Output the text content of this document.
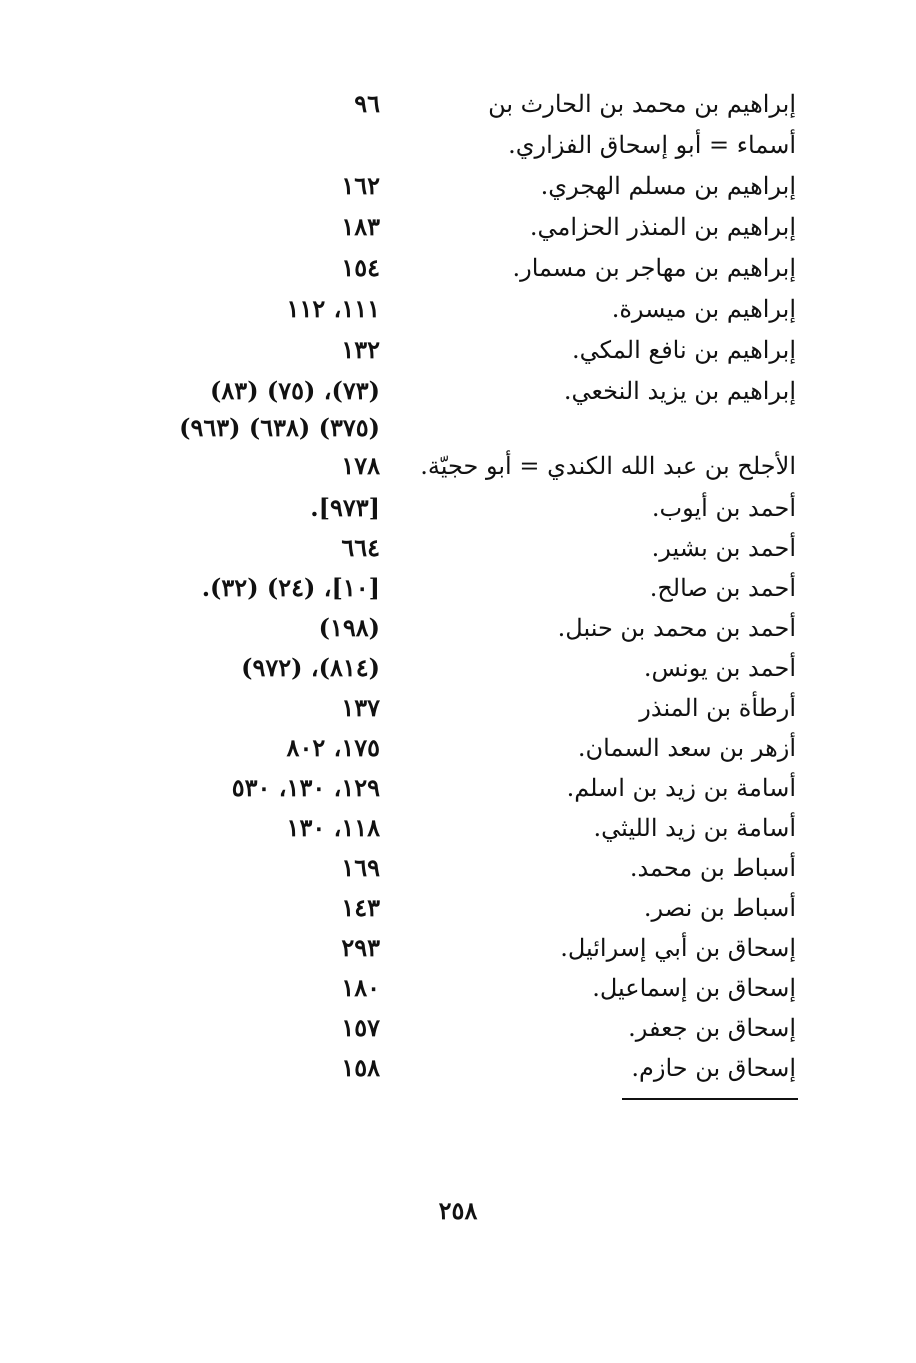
إبراهيم بن محمد بن الحارث بن
٩٦
أسماء = أبو إسحاق الفزاري.
إبراهيم بن مسلم الهجري.
١٦٢
إبراهيم بن المنذر الحزامي.
١٨٣
إبراهيم بن مهاجر بن مسمار.
١٥٤
إبراهيم بن ميسرة.
١١١، ١١٢
إبراهيم بن نافع المكي.
١٣٢
إبراهيم بن يزيد النخعي.
(٧٣)، (٧٥) (٨٣)
(٣٧٥) (٦٣٨) (٩٦٣)
الأجلح بن عبد الله الكندي = أبو حجيّة.
١٧٨
أحمد بن أيوب.
[٩٧٣].
أحمد بن بشير.
٦٦٤
أحمد بن صالح.
[١٠]، (٢٤) (٣٢).
أحمد بن محمد بن حنبل.
(١٩٨)
أحمد بن يونس.
(٨١٤)، (٩٧٢)
أرطأة بن المنذر
١٣٧
أزهر بن سعد السمان.
١٧٥، ٨٠٢
أسامة بن زيد بن اسلم.
١٢٩، ١٣٠، ٥٣٠
أسامة بن زيد الليثي.
١١٨، ١٣٠
أسباط بن محمد.
١٦٩
أسباط بن نصر.
١٤٣
إسحاق بن أبي إسرائيل.
٢٩٣
إسحاق بن إسماعيل.
١٨٠
إسحاق بن جعفر.
١٥٧
إسحاق بن حازم.
١٥٨
٢٥٨
